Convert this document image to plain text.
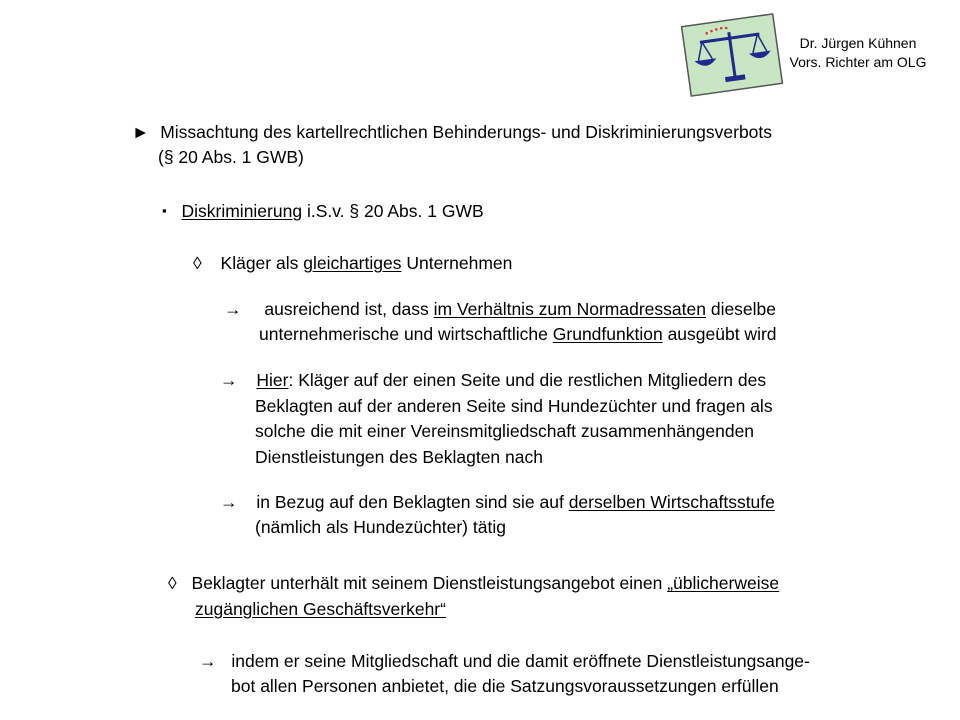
Dr. Jürgen Kühnen
Vors. Richter am OLG
► Missachtung des kartellrechtlichen Behinderungs- und Diskriminierungsverbots
(§ 20 Abs. 1 GWB)
▪ Diskriminierung i.S.v. § 20 Abs. 1 GWB
◊ Kläger als gleichartiges Unternehmen
→ ausreichend ist, dass im Verhältnis zum Normadressaten dieselbe
unternehmerische und wirtschaftliche Grundfunktion ausgeübt wird
→ Hier: Kläger auf der einen Seite und die restlichen Mitgliedern des
Beklagten auf der anderen Seite sind Hundezüchter und fragen als
solche die mit einer Vereinsmitgliedschaft zusammenhängenden
Dienstleistungen des Beklagten nach
→ in Bezug auf den Beklagten sind sie auf derselben Wirtschaftsstufe
(nämlich als Hundezüchter) tätig
◊ Beklagter unterhält mit seinem Dienstleistungsangebot einen „üblicherweise
zugänglichen Geschäftsverkehr“
→ indem er seine Mitgliedschaft und die damit eröffnete Dienstleistungsange-
bot allen Personen anbietet, die die Satzungsvoraussetzungen erfüllen
